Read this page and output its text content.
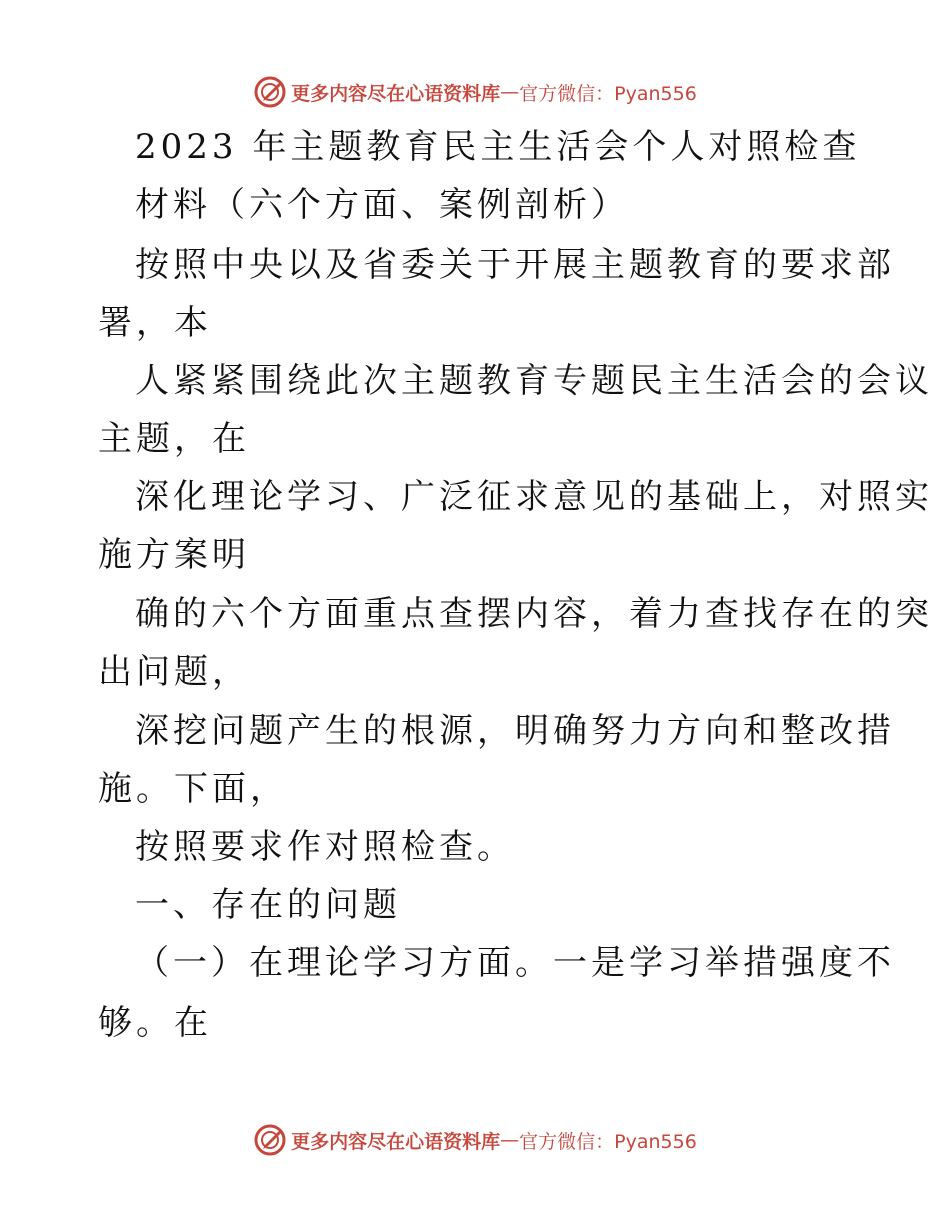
更多内容尽在心语资料库 — 官方微信：Pyan556
2023 年主题教育民主生活会个人对照检查
材料（六个方面、案例剖析）
按照中央以及省委关于开展主题教育的要求部
署，本
人紧紧围绕此次主题教育专题民主生活会的会议
主题，在
深化理论学习、广泛征求意见的基础上，对照实
施方案明
确的六个方面重点查摆内容，着力查找存在的突
出问题，
深挖问题产生的根源，明确努力方向和整改措
施。下面，
按照要求作对照检查。
一、存在的问题
（一）在理论学习方面。一是学习举措强度不
够。在
更多内容尽在心语资料库 — 官方微信：Pyan556
